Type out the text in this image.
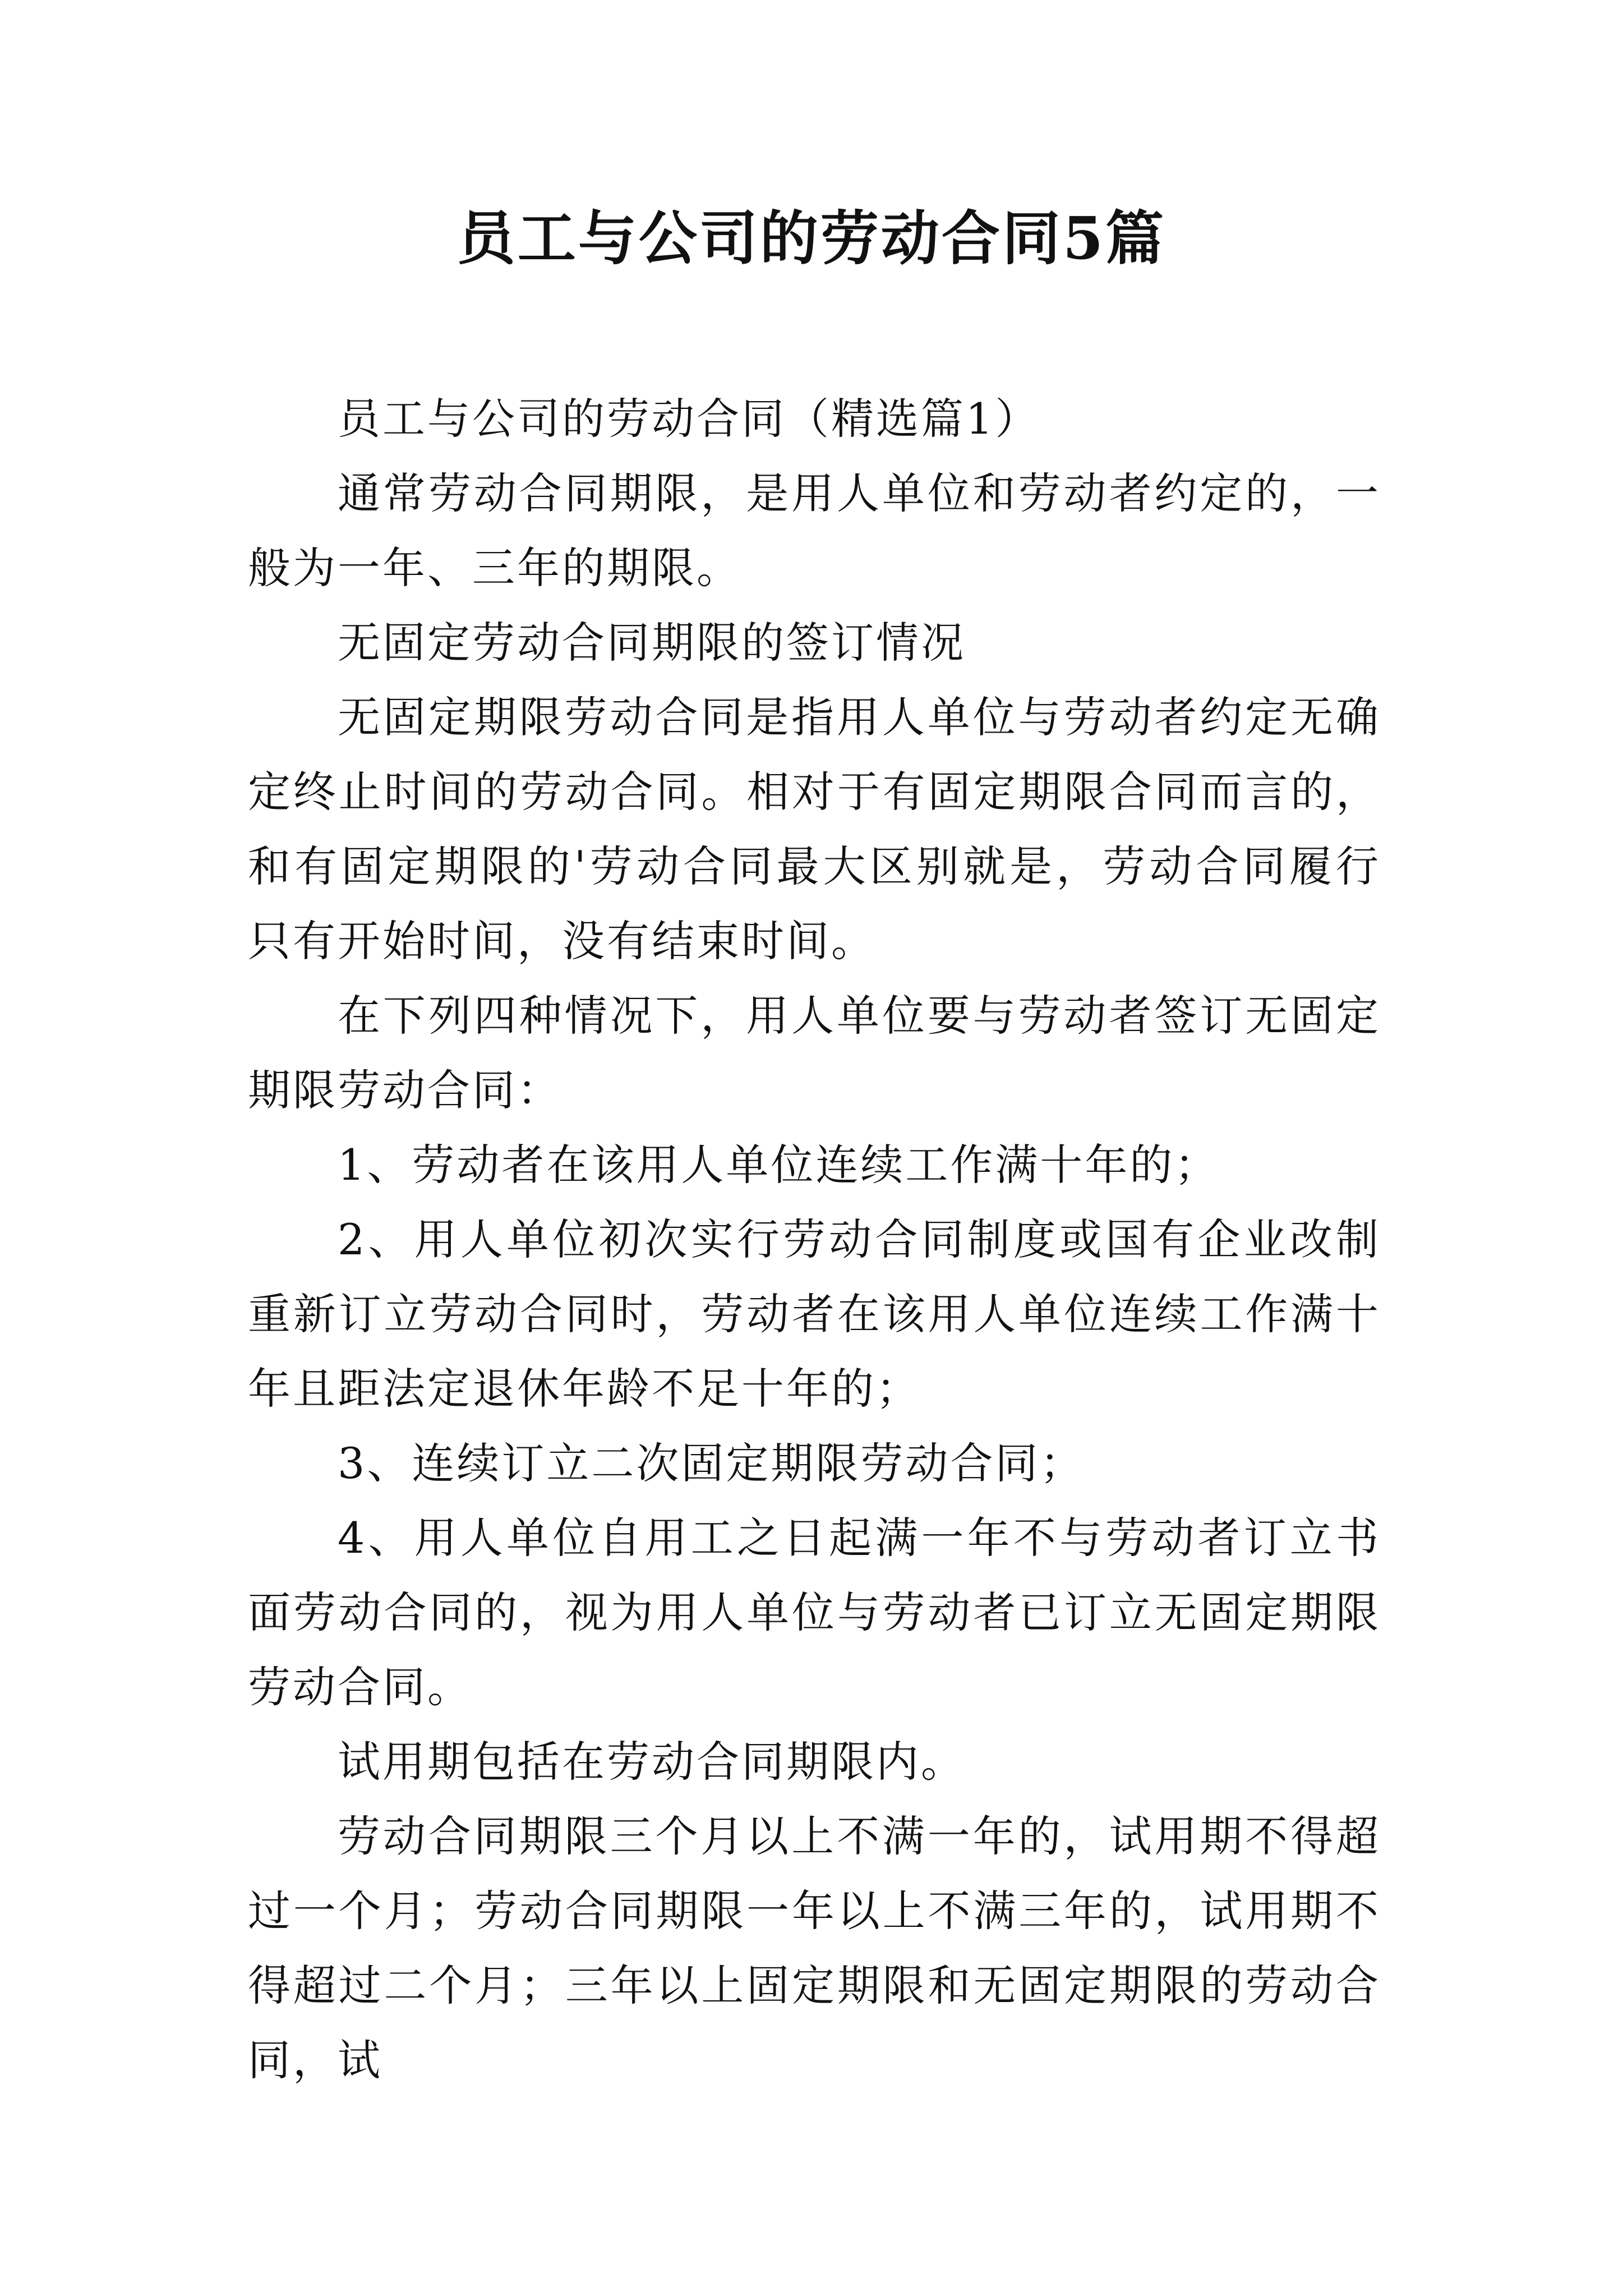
员工与公司的劳动合同5篇

员工与公司的劳动合同（精选篇1）

通常劳动合同期限，是用人单位和劳动者约定的，一般为一年、三年的期限。

无固定劳动合同期限的签订情况

无固定期限劳动合同是指用人单位与劳动者约定无确定终止时间的劳动合同。相对于有固定期限合同而言的，和有固定期限的'劳动合同最大区别就是，劳动合同履行只有开始时间，没有结束时间。

在下列四种情况下，用人单位要与劳动者签订无固定期限劳动合同：

1、劳动者在该用人单位连续工作满十年的；

2、用人单位初次实行劳动合同制度或国有企业改制重新订立劳动合同时，劳动者在该用人单位连续工作满十年且距法定退休年龄不足十年的；

3、连续订立二次固定期限劳动合同；

4、用人单位自用工之日起满一年不与劳动者订立书面劳动合同的，视为用人单位与劳动者已订立无固定期限劳动合同。

试用期包括在劳动合同期限内。

劳动合同期限三个月以上不满一年的，试用期不得超过一个月；劳动合同期限一年以上不满三年的，试用期不得超过二个月；三年以上固定期限和无固定期限的劳动合同，试
